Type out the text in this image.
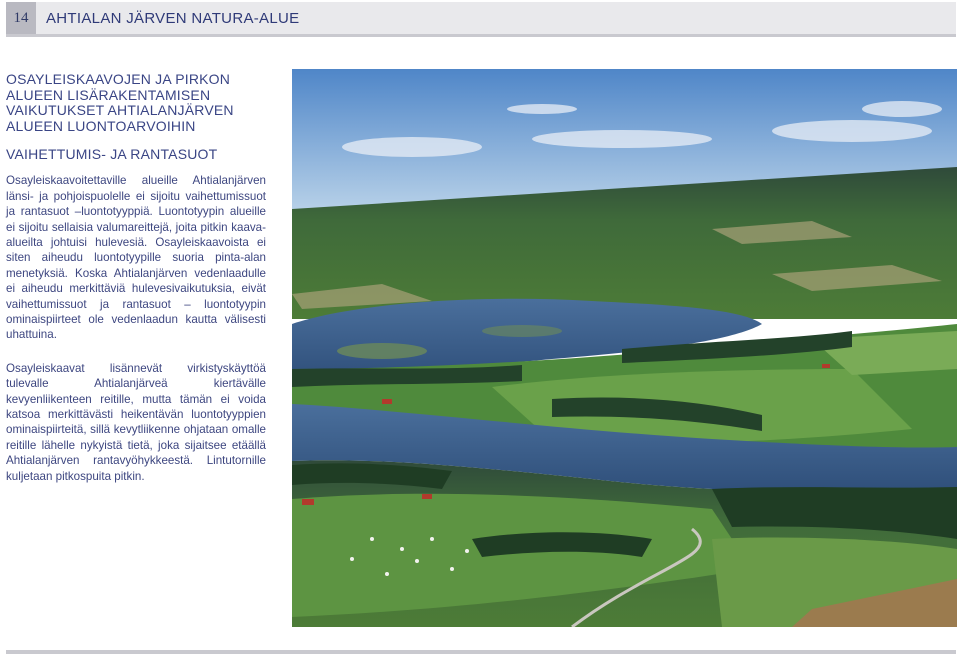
14	AHTIALAN JÄRVEN NATURA-ALUE
OSAYLEISKAAVOJEN JA PIRKON ALUEEN LISÄRAKENTAMISEN VAIKUTUKSET AHTIALANJÄRVEN ALUEEN LUONTOARVOIHIN
VAIHETTUMIS- JA RANTASUOT

Osayleiskaavoitettaville alueille Ahtialanjärven länsi- ja pohjoispuolelle ei sijoitu vaihettumissuot ja rantasuot –luontotyyppiä. Luontotyypin alueille ei sijoitu sellaisia valumareittejä, joita pitkin kaava-alueilta johtuisi hulevesiä. Osayleiskaavoista ei siten aiheudu luontotyypille suoria pinta-alan menetyksiä. Koska Ahtialanjärven vedenlaadulle ei aiheudu merkittäviä hulevesivaikutuksia, eivät vaihettumissuot ja rantasuot – luontotyypin ominaispiirteet ole vedenlaadun kautta välisesti uhattuina.

Osayleiskaavat lisännevät virkistyskäyttöä tulevalle Ahtialanjärveä kiertävälle kevyenliikenteen reitille, mutta tämän ei voida katsoa merkittävästi heikentävän luontotyyppien ominaispiirteitä, sillä kevytliikenne ohjataan omalle reitille lähelle nykyistä tietä, joka sijaitsee etäällä Ahtialanjärven rantavyöhykkeestä. Lintutornille kuljetaan pitkospuita pitkin.
